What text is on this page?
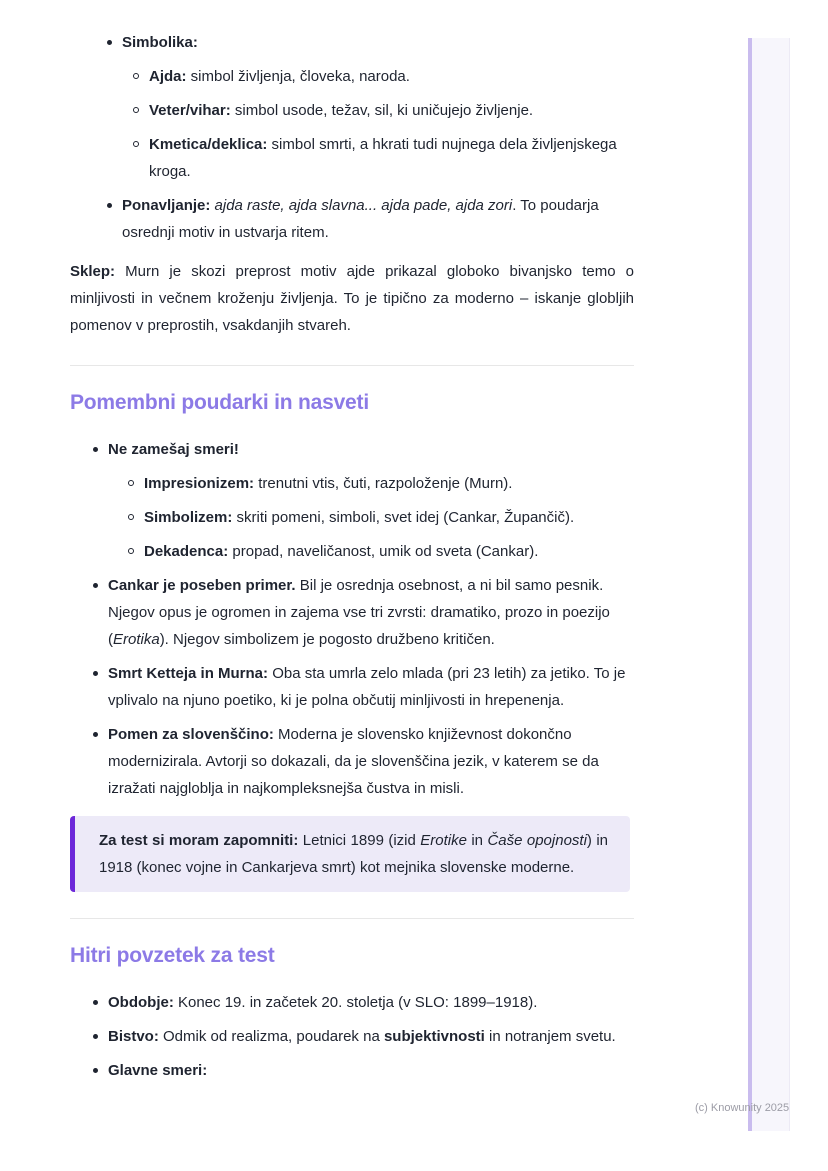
Simbolika:
Ajda: simbol življenja, človeka, naroda.
Veter/vihar: simbol usode, težav, sil, ki uničujejo življenje.
Kmetica/deklica: simbol smrti, a hkrati tudi nujnega dela življenjskega kroga.
Ponavljanje: ajda raste, ajda slavna... ajda pade, ajda zori. To poudarja osrednji motiv in ustvarja ritem.

Sklep: Murn je skozi preprost motiv ajde prikazal globoko bivanjsko temo o minljivosti in večnem kroženju življenja. To je tipično za moderno – iskanje globljih pomenov v preprostih, vsakdanjih stvareh.

Pomembni poudarki in nasveti
Ne zamešaj smeri!
Impresionizem: trenutni vtis, čuti, razpoloženje (Murn).
Simbolizem: skriti pomeni, simboli, svet idej (Cankar, Župančič).
Dekadenca: propad, naveličanost, umik od sveta (Cankar).
Cankar je poseben primer. Bil je osrednja osebnost, a ni bil samo pesnik. Njegov opus je ogromen in zajema vse tri zvrsti: dramatiko, prozo in poezijo (Erotika). Njegov simbolizem je pogosto družbeno kritičen.
Smrt Ketteja in Murna: Oba sta umrla zelo mlada (pri 23 letih) za jetiko. To je vplivalo na njuno poetiko, ki je polna občutij minljivosti in hrepenenja.
Pomen za slovenščino: Moderna je slovensko književnost dokončno modernizirala. Avtorji so dokazali, da je slovenščina jezik, v katerem se da izražati najgloblja in najkompleksnejša čustva in misli.

Za test si moram zapomniti: Letnici 1899 (izid Erotike in Čaše opojnosti) in 1918 (konec vojne in Cankarjeva smrt) kot mejnika slovenske moderne.

Hitri povzetek za test
Obdobje: Konec 19. in začetek 20. stoletja (v SLO: 1899–1918).
Bistvo: Odmik od realizma, poudarek na subjektivnosti in notranjem svetu.
Glavne smeri:
(c) Knowunity 2025
